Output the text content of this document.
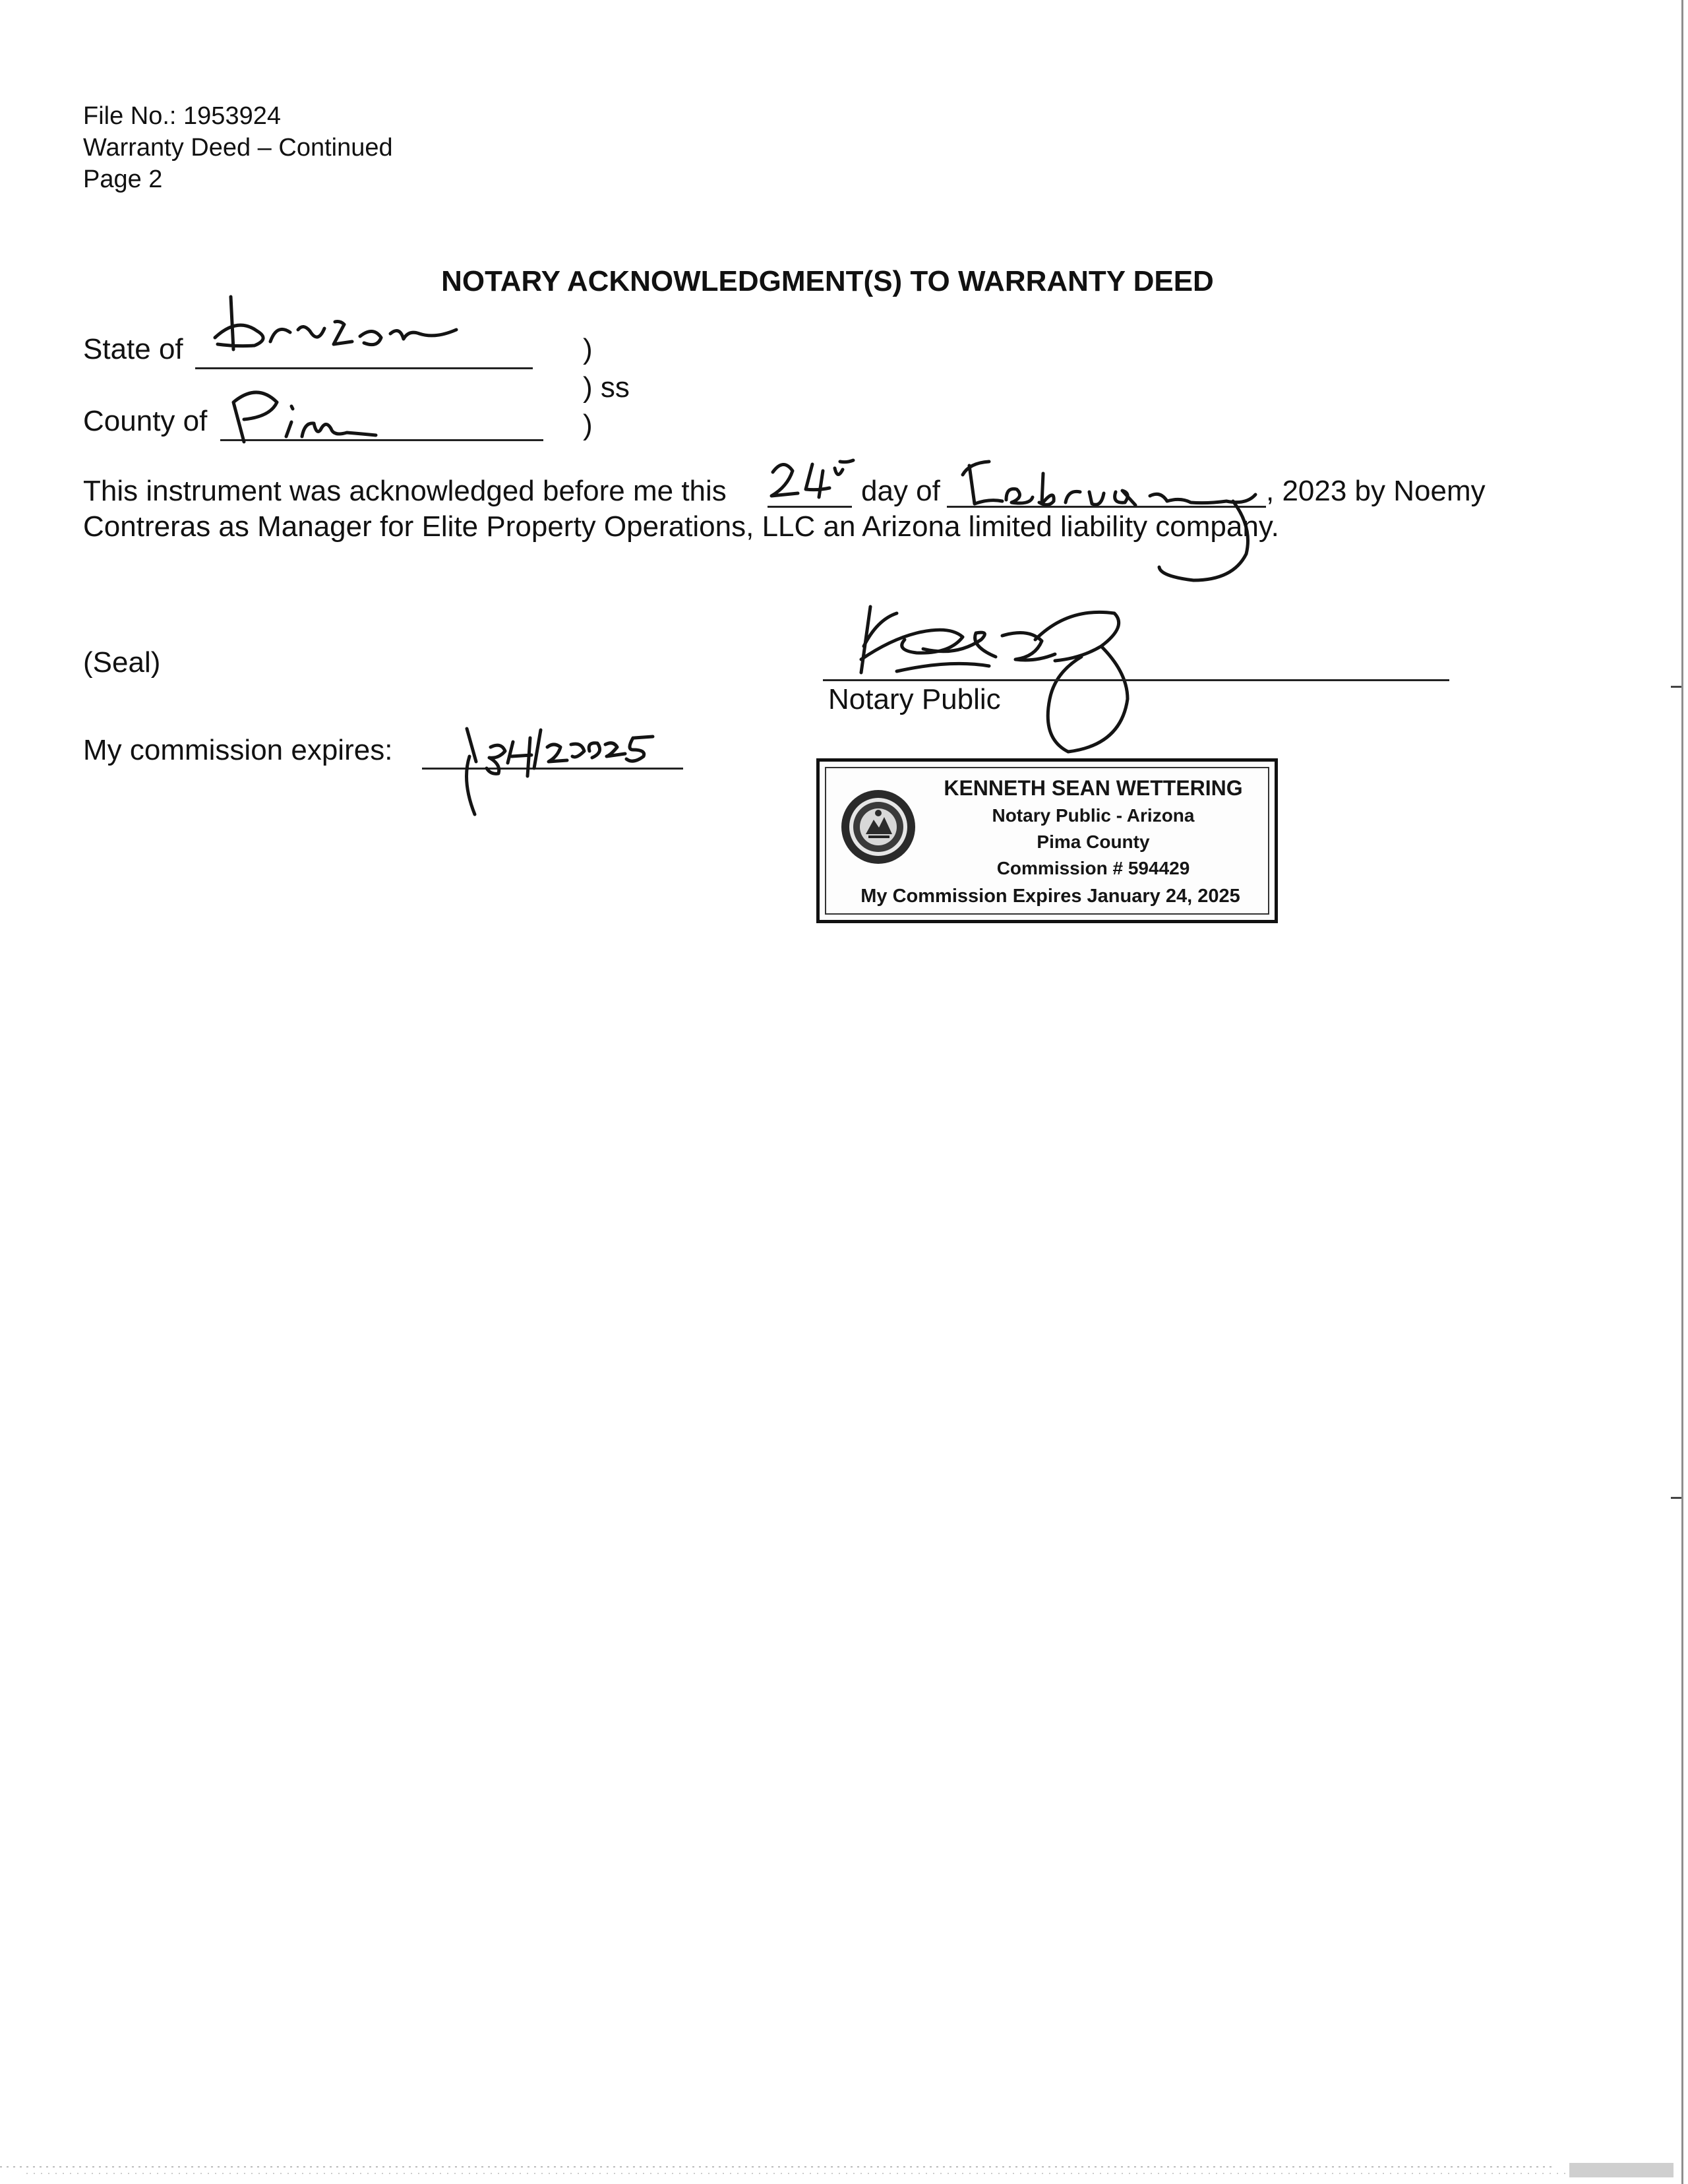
File No.: 1953924
Warranty Deed – Continued
Page 2
NOTARY ACKNOWLEDGMENT(S) TO WARRANTY DEED
State of
County of
)
) ss
)
This instrument was acknowledged before me this	day of	, 2023 by Noemy
Contreras as Manager for Elite Property Operations, LLC an Arizona limited liability company.
(Seal)
Notary Public
My commission expires:
KENNETH SEAN WETTERING
Notary Public - Arizona
Pima County
Commission # 594429
My Commission Expires January 24, 2025
